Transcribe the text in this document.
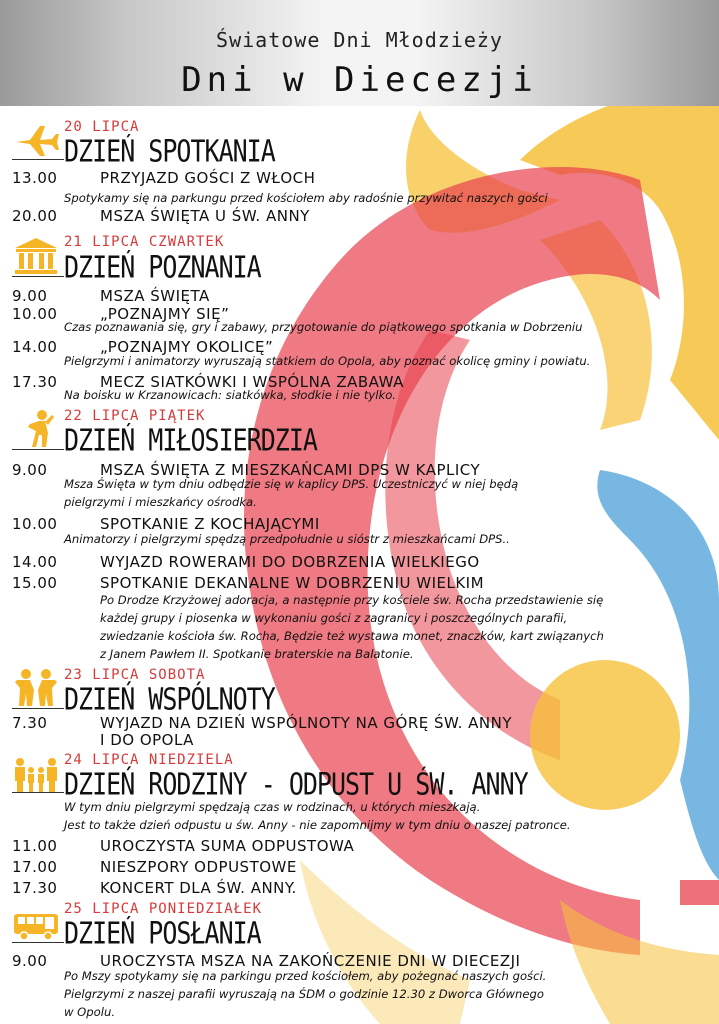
Światowe Dni Młodzieży
Dni w Diecezji
20 LIPCA
DZIEŃ SPOTKANIA
13.00	PRZYJAZD GOŚCI Z WŁOCH
Spotykamy się na parkungu przed kościołem aby radośnie przywitać naszych gości
20.00	MSZA ŚWIĘTA U ŚW. ANNY
21 LIPCA CZWARTEK
DZIEŃ POZNANIA
9.00	MSZA ŚWIĘTA
10.00	„POZNAJMY SIĘ”
Czas poznawania się, gry i zabawy, przygotowanie do piątkowego spotkania w Dobrzeniu
14.00	„POZNAJMY OKOLICĘ”
Pielgrzymi i animatorzy wyruszają statkiem do Opola, aby poznać okolicę gminy i powiatu.
17.30	MECZ SIATKÓWKI I WSPÓLNA ZABAWA
Na boisku w Krzanowicach: siatkówka, słodkie i nie tylko.
22 LIPCA PIĄTEK
DZIEŃ MIŁOSIERDZIA
9.00	MSZA ŚWIĘTA Z MIESZKAŃCAMI DPS W KAPLICY
Msza Święta w tym dniu odbędzie się w kaplicy DPS. Uczestniczyć w niej będą
pielgrzymi i mieszkańcy ośrodka.
10.00	SPOTKANIE Z KOCHAJĄCYMI
Animatorzy i pielgrzymi spędzą przedpołudnie u sióstr z mieszkańcami DPS..
14.00	WYJAZD ROWERAMI DO DOBRZENIA WIELKIEGO
15.00	SPOTKANIE DEKANALNE W DOBRZENIU WIELKIM
Po Drodze Krzyżowej adoracja, a następnie przy kościele św. Rocha przedstawienie się
każdej grupy i piosenka w wykonaniu gości z zagranicy i poszczególnych parafii,
zwiedzanie kościoła św. Rocha, Będzie też wystawa monet, znaczków, kart związanych
z Janem Pawłem II. Spotkanie braterskie na Balatonie.
23 LIPCA SOBOTA
DZIEŃ WSPÓLNOTY
7.30	WYJAZD NA DZIEŃ WSPÓLNOTY NA GÓRĘ ŚW. ANNY
I DO OPOLA
24 LIPCA NIEDZIELA
DZIEŃ RODZINY - ODPUST U ŚW. ANNY
W tym dniu pielgrzymi spędzają czas w rodzinach, u których mieszkają.
Jest to także dzień odpustu u św. Anny - nie zapomnijmy w tym dniu o naszej patronce.
11.00	UROCZYSTA SUMA ODPUSTOWA
17.00	NIESZPORY ODPUSTOWE
17.30	KONCERT DLA ŚW. ANNY.
25 LIPCA PONIEDZIAŁEK
DZIEŃ POSŁANIA
9.00	UROCZYSTA MSZA NA ZAKOŃCZENIE DNI W DIECEZJI
Po Mszy spotykamy się na parkingu przed kościołem, aby pożegnać naszych gości.
Pielgrzymi z naszej parafii wyruszają na ŚDM o godzinie 12.30 z Dworca Głównego
w Opolu.
